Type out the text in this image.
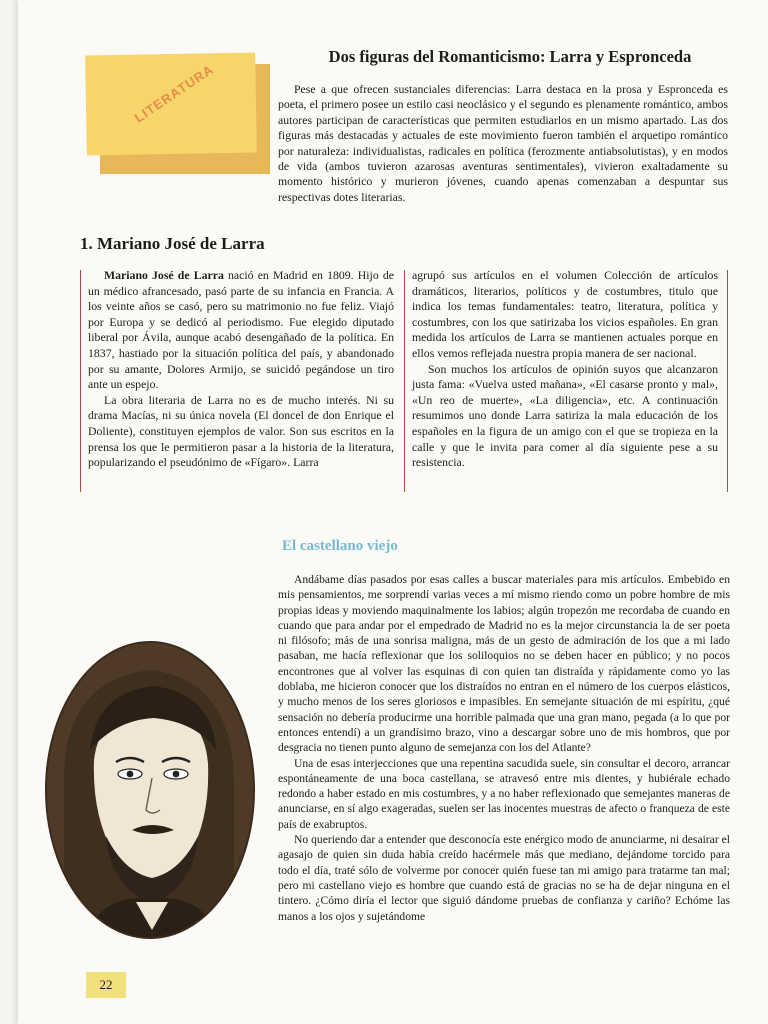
LITERATURA
Dos figuras del Romanticismo: Larra y Espronceda

Pese a que ofrecen sustanciales diferencias: Larra destaca en la prosa y Espronceda es poeta, el primero posee un estilo casi neoclásico y el segundo es plenamente romántico, ambos autores participan de características que permiten estudiarlos en un mismo apartado. Las dos figuras más destacadas y actuales de este movimiento fueron también el arquetipo romántico por naturaleza: individualistas, radicales en política (ferozmente antiabsolutistas), y en modos de vida (ambos tuvieron azarosas aventuras sentimentales), vivieron exaltadamente su momento histórico y murieron jóvenes, cuando apenas comenzaban a despuntar sus respectivas dotes literarias.

1. Mariano José de Larra

Mariano José de Larra nació en Madrid en 1809. Hijo de un médico afrancesado, pasó parte de su infancia en Francia. A los veinte años se casó, pero su matrimonio no fue feliz. Viajó por Europa y se dedicó al periodismo. Fue elegido diputado liberal por Ávila, aunque acabó desengañado de la política. En 1837, hastiado por la situación política del país, y abandonado por su amante, Dolores Armijo, se suicidó pegándose un tiro ante un espejo.

La obra literaria de Larra no es de mucho interés. Ni su drama Macías, ni su única novela (El doncel de don Enrique el Doliente), constituyen ejemplos de valor. Son sus escritos en la prensa los que le permitieron pasar a la historia de la literatura, popularizando el pseudónimo de «Fígaro». Larra

agrupó sus artículos en el volumen Colección de artículos dramáticos, literarios, políticos y de costumbres, titulo que indica los temas fundamentales: teatro, literatura, política y costumbres, con los que satirizaba los vicios españoles. En gran medida los artículos de Larra se mantienen actuales porque en ellos vemos reflejada nuestra propia manera de ser nacional.

Son muchos los artículos de opinión suyos que alcanzaron justa fama: «Vuelva usted mañana», «El casarse pronto y mal», «Un reo de muerte», «La diligencia», etc. A continuación resumimos uno donde Larra satiriza la mala educación de los españoles en la figura de un amigo con el que se tropieza en la calle y que le invita para comer al día siguiente pese a su resistencia.

El castellano viejo

Andábame días pasados por esas calles a buscar materiales para mis artículos. Embebido en mis pensamientos, me sorprendí varias veces a mí mismo riendo como un pobre hombre de mis propias ideas y moviendo maquinalmente los labios; algún tropezón me recordaba de cuando en cuando que para andar por el empedrado de Madrid no es la mejor circunstancia la de ser poeta ni filósofo; más de una sonrisa maligna, más de un gesto de admiración de los que a mi lado pasaban, me hacía reflexionar que los soliloquios no se deben hacer en público; y no pocos encontrones que al volver las esquinas di con quien tan distraída y rápidamente como yo las doblaba, me hicieron conocer que los distraídos no entran en el número de los cuerpos elásticos, y mucho menos de los seres gloriosos e impasibles. En semejante situación de mi espíritu, ¿qué sensación no debería producirme una horrible palmada que una gran mano, pegada (a lo que por entonces entendí) a un grandísimo brazo, vino a descargar sobre uno de mis hombros, que por desgracia no tienen punto alguno de semejanza con los del Atlante?

Una de esas interjecciones que una repentina sacudida suele, sin consultar el decoro, arrancar espontáneamente de una boca castellana, se atravesó entre mis dientes, y hubiérale echado redondo a haber estado en mis costumbres, y a no haber reflexionado que semejantes maneras de anunciarse, en sí algo exageradas, suelen ser las inocentes muestras de afecto o franqueza de este país de exabruptos.

No queriendo dar a entender que desconocía este enérgico modo de anunciarme, ni desairar el agasajo de quien sin duda había creído hacérmele más que mediano, dejándome torcido para todo el día, traté sólo de volverme por conocer quién fuese tan mi amigo para tratarme tan mal; pero mi castellano viejo es hombre que cuando está de gracias no se ha de dejar ninguna en el tintero. ¿Cómo diría el lector que siguió dándome pruebas de confianza y cariño? Echóme las manos a los ojos y sujetándome

22
